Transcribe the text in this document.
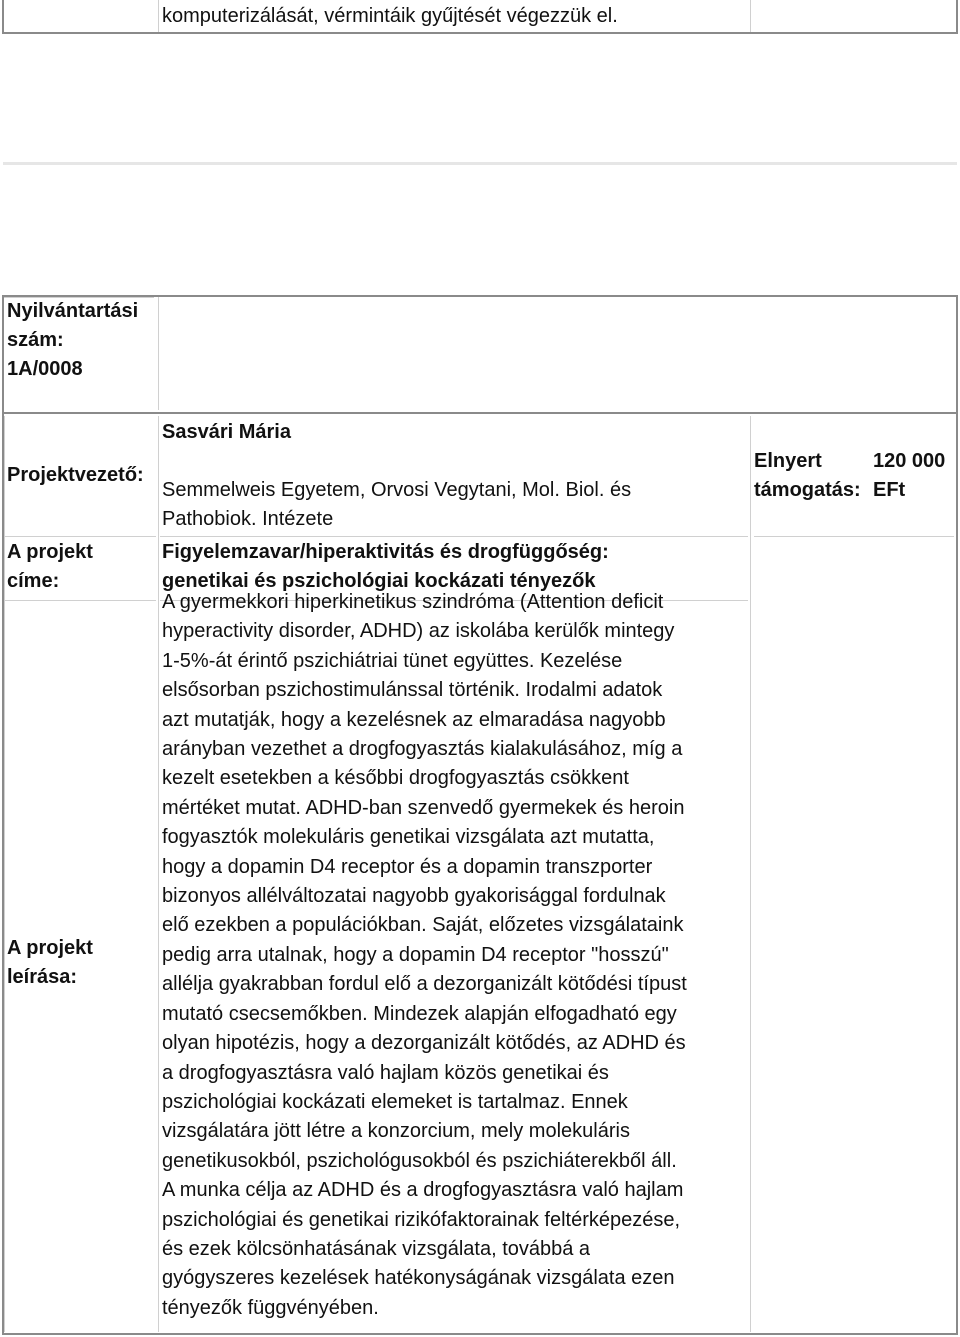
komputerizálását, vérmintáik gyűjtését végezzük el.
Nyilvántartási
szám:
1A/0008
Projektvezető:
Sasvári Mária
Semmelweis Egyetem, Orvosi Vegytani, Mol. Biol. és
Pathobiok. Intézete
Elnyert
támogatás:
120 000
EFt
A projekt
címe:
Figyelemzavar/hiperaktivitás és drogfüggőség:
genetikai és pszichológiai kockázati tényezők
A projekt
leírása:
A gyermekkori hiperkinetikus szindróma (Attention deficit
hyperactivity disorder, ADHD) az iskolába kerülők mintegy
1-5%-át érintő pszichiátriai tünet együttes. Kezelése
elsősorban pszichostimulánssal történik. Irodalmi adatok
azt mutatják, hogy a kezelésnek az elmaradása nagyobb
arányban vezethet a drogfogyasztás kialakulásához, míg a
kezelt esetekben a későbbi drogfogyasztás csökkent
mértéket mutat. ADHD-ban szenvedő gyermekek és heroin
fogyasztók molekuláris genetikai vizsgálata azt mutatta,
hogy a dopamin D4 receptor és a dopamin transzporter
bizonyos allélváltozatai nagyobb gyakorisággal fordulnak
elő ezekben a populációkban. Saját, előzetes vizsgálataink
pedig arra utalnak, hogy a dopamin D4 receptor "hosszú"
allélja gyakrabban fordul elő a dezorganizált kötődési típust
mutató csecsemőkben. Mindezek alapján elfogadható egy
olyan hipotézis, hogy a dezorganizált kötődés, az ADHD és
a drogfogyasztásra való hajlam közös genetikai és
pszichológiai kockázati elemeket is tartalmaz. Ennek
vizsgálatára jött létre a konzorcium, mely molekuláris
genetikusokból, pszichológusokból és pszichiáterekből áll.
A munka célja az ADHD és a drogfogyasztásra való hajlam
pszichológiai és genetikai rizikófaktorainak feltérképezése,
és ezek kölcsönhatásának vizsgálata, továbbá a
gyógyszeres kezelések hatékonyságának vizsgálata ezen
tényezők függvényében.
